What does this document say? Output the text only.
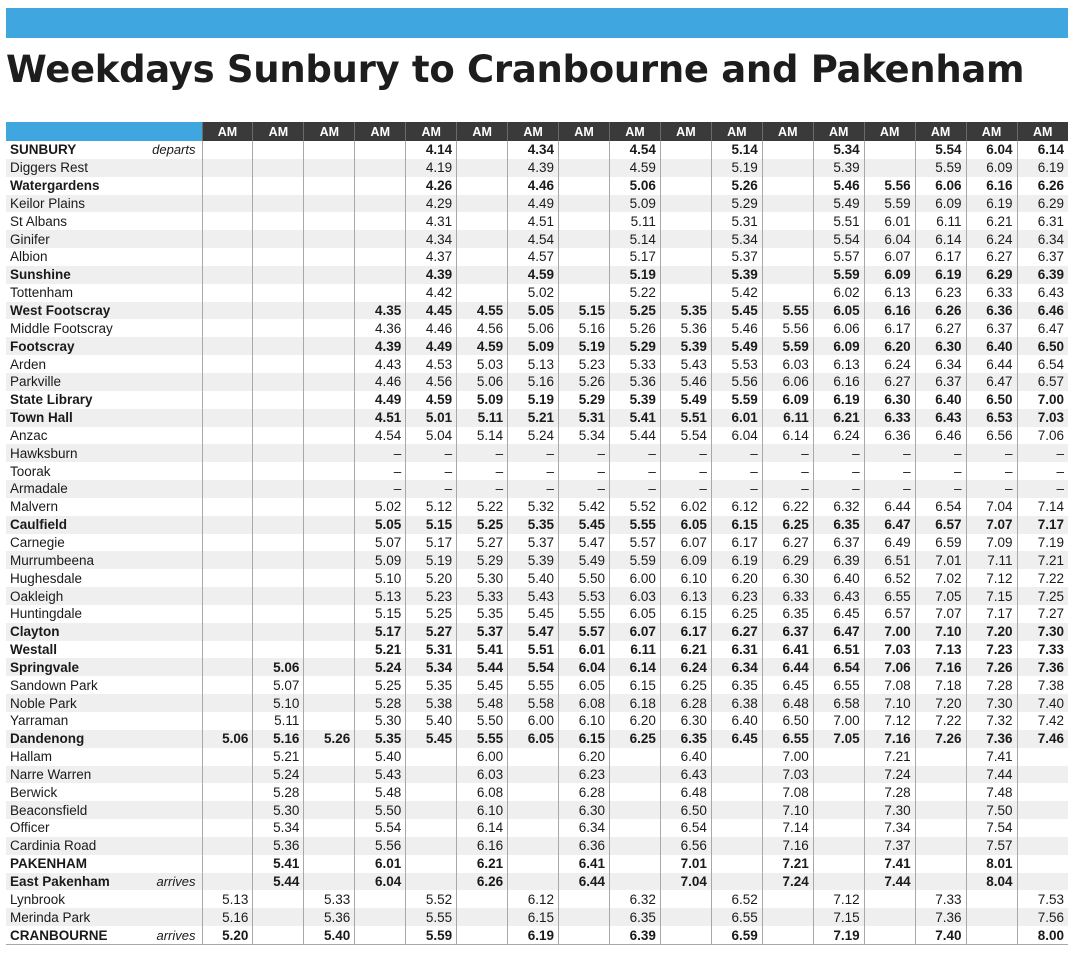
Weekdays Sunbury to Cranbourne and Pakenham
	AM	AM	AM	AM	AM	AM	AM	AM	AM	AM	AM	AM	AM	AM	AM	AM	AM

SUNBURY departs					4.14		4.34		4.54		5.14		5.34		5.54	6.04	6.14

Diggers Rest					4.19		4.39		4.59		5.19		5.39		5.59	6.09	6.19

Watergardens					4.26		4.46		5.06		5.26		5.46	5.56	6.06	6.16	6.26

Keilor Plains					4.29		4.49		5.09		5.29		5.49	5.59	6.09	6.19	6.29

St Albans					4.31		4.51		5.11		5.31		5.51	6.01	6.11	6.21	6.31

Ginifer					4.34		4.54		5.14		5.34		5.54	6.04	6.14	6.24	6.34

Albion					4.37		4.57		5.17		5.37		5.57	6.07	6.17	6.27	6.37

Sunshine					4.39		4.59		5.19		5.39		5.59	6.09	6.19	6.29	6.39

Tottenham					4.42		5.02		5.22		5.42		6.02	6.13	6.23	6.33	6.43

West Footscray				4.35	4.45	4.55	5.05	5.15	5.25	5.35	5.45	5.55	6.05	6.16	6.26	6.36	6.46

Middle Footscray				4.36	4.46	4.56	5.06	5.16	5.26	5.36	5.46	5.56	6.06	6.17	6.27	6.37	6.47

Footscray				4.39	4.49	4.59	5.09	5.19	5.29	5.39	5.49	5.59	6.09	6.20	6.30	6.40	6.50

Arden				4.43	4.53	5.03	5.13	5.23	5.33	5.43	5.53	6.03	6.13	6.24	6.34	6.44	6.54

Parkville				4.46	4.56	5.06	5.16	5.26	5.36	5.46	5.56	6.06	6.16	6.27	6.37	6.47	6.57

State Library				4.49	4.59	5.09	5.19	5.29	5.39	5.49	5.59	6.09	6.19	6.30	6.40	6.50	7.00

Town Hall				4.51	5.01	5.11	5.21	5.31	5.41	5.51	6.01	6.11	6.21	6.33	6.43	6.53	7.03

Anzac				4.54	5.04	5.14	5.24	5.34	5.44	5.54	6.04	6.14	6.24	6.36	6.46	6.56	7.06

Hawksburn				–	–	–	–	–	–	–	–	–	–	–	–	–	–

Toorak				–	–	–	–	–	–	–	–	–	–	–	–	–	–

Armadale				–	–	–	–	–	–	–	–	–	–	–	–	–	–

Malvern				5.02	5.12	5.22	5.32	5.42	5.52	6.02	6.12	6.22	6.32	6.44	6.54	7.04	7.14

Caulfield				5.05	5.15	5.25	5.35	5.45	5.55	6.05	6.15	6.25	6.35	6.47	6.57	7.07	7.17

Carnegie				5.07	5.17	5.27	5.37	5.47	5.57	6.07	6.17	6.27	6.37	6.49	6.59	7.09	7.19

Murrumbeena				5.09	5.19	5.29	5.39	5.49	5.59	6.09	6.19	6.29	6.39	6.51	7.01	7.11	7.21

Hughesdale				5.10	5.20	5.30	5.40	5.50	6.00	6.10	6.20	6.30	6.40	6.52	7.02	7.12	7.22

Oakleigh				5.13	5.23	5.33	5.43	5.53	6.03	6.13	6.23	6.33	6.43	6.55	7.05	7.15	7.25

Huntingdale				5.15	5.25	5.35	5.45	5.55	6.05	6.15	6.25	6.35	6.45	6.57	7.07	7.17	7.27

Clayton				5.17	5.27	5.37	5.47	5.57	6.07	6.17	6.27	6.37	6.47	7.00	7.10	7.20	7.30

Westall				5.21	5.31	5.41	5.51	6.01	6.11	6.21	6.31	6.41	6.51	7.03	7.13	7.23	7.33

Springvale		5.06		5.24	5.34	5.44	5.54	6.04	6.14	6.24	6.34	6.44	6.54	7.06	7.16	7.26	7.36

Sandown Park		5.07		5.25	5.35	5.45	5.55	6.05	6.15	6.25	6.35	6.45	6.55	7.08	7.18	7.28	7.38

Noble Park		5.10		5.28	5.38	5.48	5.58	6.08	6.18	6.28	6.38	6.48	6.58	7.10	7.20	7.30	7.40

Yarraman		5.11		5.30	5.40	5.50	6.00	6.10	6.20	6.30	6.40	6.50	7.00	7.12	7.22	7.32	7.42

Dandenong	5.06	5.16	5.26	5.35	5.45	5.55	6.05	6.15	6.25	6.35	6.45	6.55	7.05	7.16	7.26	7.36	7.46

Hallam		5.21		5.40		6.00		6.20		6.40		7.00		7.21		7.41	

Narre Warren		5.24		5.43		6.03		6.23		6.43		7.03		7.24		7.44	

Berwick		5.28		5.48		6.08		6.28		6.48		7.08		7.28		7.48	

Beaconsfield		5.30		5.50		6.10		6.30		6.50		7.10		7.30		7.50	

Officer		5.34		5.54		6.14		6.34		6.54		7.14		7.34		7.54	

Cardinia Road		5.36		5.56		6.16		6.36		6.56		7.16		7.37		7.57	

PAKENHAM		5.41		6.01		6.21		6.41		7.01		7.21		7.41		8.01	

East Pakenham arrives		5.44		6.04		6.26		6.44		7.04		7.24		7.44		8.04	

Lynbrook	5.13		5.33		5.52		6.12		6.32		6.52		7.12		7.33		7.53

Merinda Park	5.16		5.36		5.55		6.15		6.35		6.55		7.15		7.36		7.56

CRANBOURNE arrives	5.20		5.40		5.59		6.19		6.39		6.59		7.19		7.40		8.00
